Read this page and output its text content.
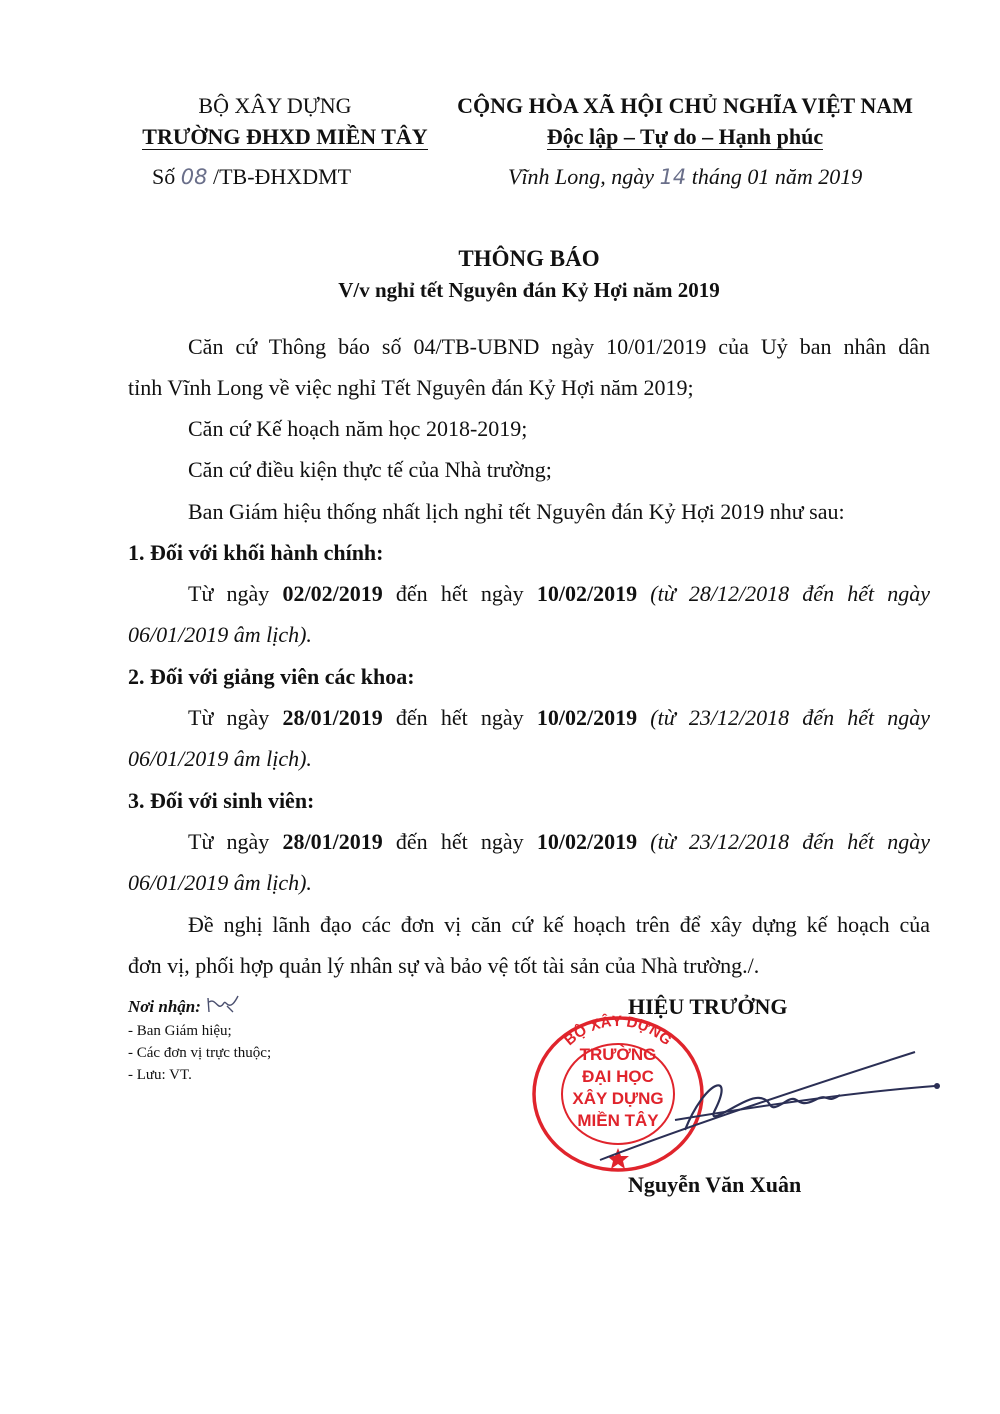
BỘ XÂY DỰNG
TRƯỜNG ĐHXD MIỀN TÂY
Số 08 /TB-ĐHXDMT
CỘNG HÒA XÃ HỘI CHỦ NGHĨA VIỆT NAM
Độc lập – Tự do – Hạnh phúc
Vĩnh Long, ngày 14 tháng 01 năm 2019
THÔNG BÁO
V/v nghỉ tết Nguyên đán Kỷ Hợi năm 2019
Căn cứ Thông báo số 04/TB-UBND ngày 10/01/2019 của Uỷ ban nhân dân
tỉnh Vĩnh Long về việc nghỉ Tết Nguyên đán Kỷ Hợi năm 2019;
Căn cứ Kế hoạch năm học 2018-2019;
Căn cứ điều kiện thực tế của Nhà trường;
Ban Giám hiệu thống nhất lịch nghỉ tết Nguyên đán Kỷ Hợi 2019 như sau:
1. Đối với khối hành chính:
Từ ngày 02/02/2019 đến hết ngày 10/02/2019 (từ 28/12/2018 đến hết ngày
06/01/2019 âm lịch).
2. Đối với giảng viên các khoa:
Từ ngày 28/01/2019 đến hết ngày 10/02/2019 (từ 23/12/2018 đến hết ngày
06/01/2019 âm lịch).
3. Đối với sinh viên:
Từ ngày 28/01/2019 đến hết ngày 10/02/2019 (từ 23/12/2018 đến hết ngày
06/01/2019 âm lịch).
Đề nghị lãnh đạo các đơn vị căn cứ kế hoạch trên để xây dựng kế hoạch của
đơn vị, phối hợp quản lý nhân sự và bảo vệ tốt tài sản của Nhà trường./.
Nơi nhận:
- Ban Giám hiệu;
- Các đơn vị trực thuộc;
- Lưu: VT.
HIỆU TRƯỞNG
BỘ XÂY DỰNG
TRƯỜNG
ĐẠI HỌC
XÂY DỰNG
MIỀN TÂY
Nguyễn Văn Xuân
